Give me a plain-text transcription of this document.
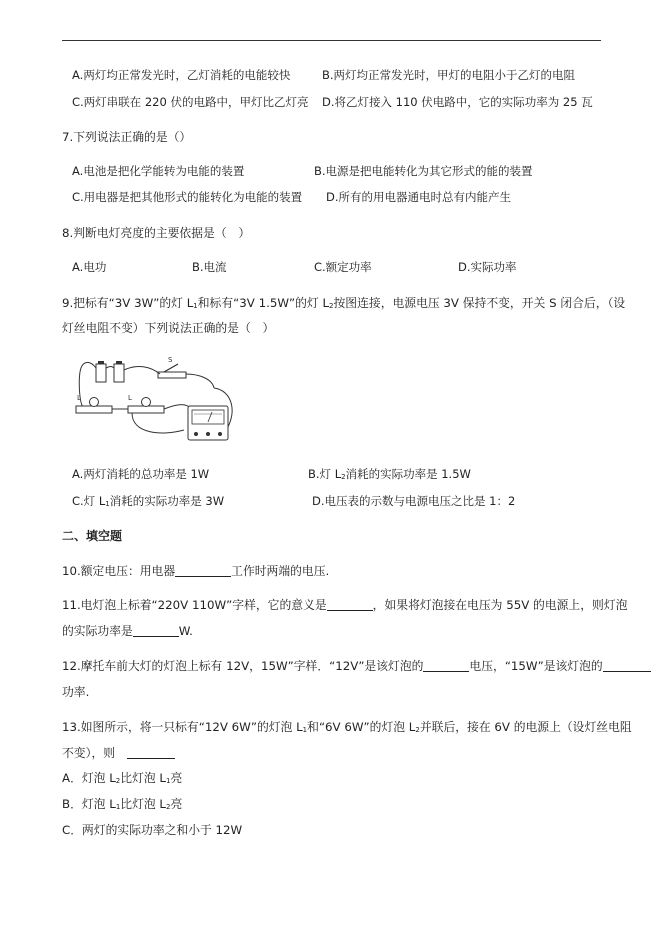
A.两灯均正常发光时，乙灯消耗的电能较快	B.两灯均正常发光时，甲灯的电阻小于乙灯的电阻
C.两灯串联在 220 伏的电路中，甲灯比乙灯亮 D.将乙灯接入 110 伏电路中，它的实际功率为 25 瓦
7.下列说法正确的是（）
A.电池是把化学能转为电能的装置	B.电源是把电能转化为其它形式的能的装置
C.用电器是把其他形式的能转化为电能的装置 D.所有的用电器通电时总有内能产生
8.判断电灯亮度的主要依据是（　）
A.电功	B.电流	C.额定功率	D.实际功率
9.把标有“3V 3W”的灯 $L_1$和标有“3V 1.5W”的灯 $L_2$按图连接，电源电压 3V 保持不变，开关 S 闭合后，（设
灯丝电阻不变）下列说法正确的是（　）
S
L	L
A.两灯消耗的总功率是 1W	B.灯 $L_2$消耗的实际功率是 1.5W
C.灯 $L_1$消耗的实际功率是 3W	D.电压表的示数与电源电压之比是 1：2
二、填空题
10.额定电压：用电器	工作时两端的电压.
11.电灯泡上标着“220V 110W”字样，它的意义是	，如果将灯泡接在电压为 55V 的电源上，则灯泡
的实际功率是	W.
12.摩托车前大灯的灯泡上标有 12V，15W”字样．“12V”是该灯泡的	电压，“15W”是该灯泡的
功率.
13.如图所示，将一只标有“12V 6W”的灯泡 $L_1$和“6V 6W”的灯泡 $L_2$并联后，接在 6V 的电源上（设灯丝电阻
不变），则　
A．灯泡 $L_2$比灯泡 $L_1$亮
B．灯泡 $L_1$比灯泡 $L_2$亮
C．两灯的实际功率之和小于 12W
